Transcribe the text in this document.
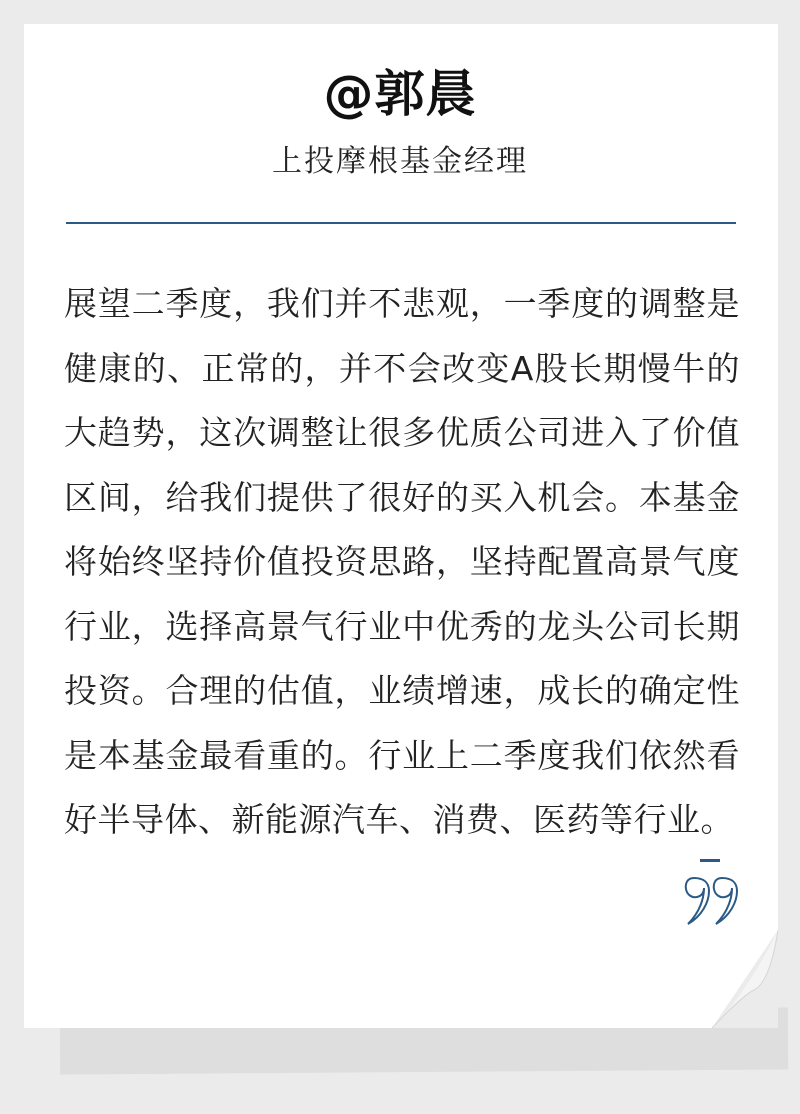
@郭晨
上投摩根基金经理

展望二季度，我们并不悲观，一季度的调整是健康的、正常的，并不会改变A股长期慢牛的大趋势，这次调整让很多优质公司进入了价值区间，给我们提供了很好的买入机会。本基金将始终坚持价值投资思路，坚持配置高景气度行业，选择高景气行业中优秀的龙头公司长期投资。合理的估值，业绩增速，成长的确定性是本基金最看重的。行业上二季度我们依然看好半导体、新能源汽车、消费、医药等行业。
